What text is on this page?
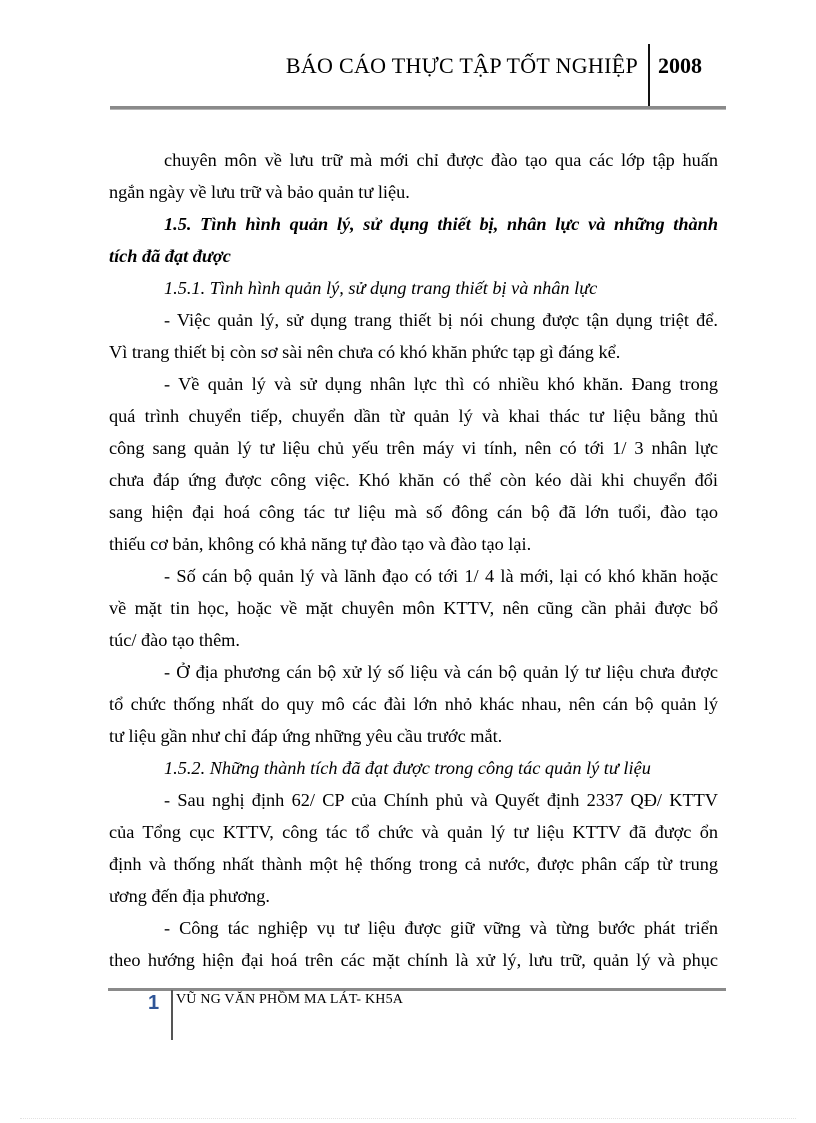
BÁO CÁO THỰC TẬP TỐT NGHIỆP 2008
chuyên môn về lưu trữ mà mới chỉ được đào tạo qua các lớp tập huấn
ngắn ngày về lưu trữ và bảo quản tư liệu.
1.5. Tình hình quản lý, sử dụng thiết bị, nhân lực và những thành
tích đã đạt được
1.5.1. Tình hình quản lý, sử dụng trang thiết bị và nhân lực
- Việc quản lý, sử dụng trang thiết bị nói chung được tận dụng triệt để.
Vì trang thiết bị còn sơ sài nên chưa có khó khăn phức tạp gì đáng kể.
- Về quản lý và sử dụng nhân lực thì có nhiều khó khăn. Đang trong
quá trình chuyển tiếp, chuyển dần từ quản lý và khai thác tư liệu bằng thủ
công sang quản lý tư liệu chủ yếu trên máy vi tính, nên có tới 1/ 3 nhân lực
chưa đáp ứng được công việc. Khó khăn có thể còn kéo dài khi chuyển đổi
sang hiện đại hoá công tác tư liệu mà số đông cán bộ đã lớn tuổi, đào tạo
thiếu cơ bản, không có khả năng tự đào tạo và đào tạo lại.
- Số cán bộ quản lý và lãnh đạo có tới 1/ 4 là mới, lại có khó khăn hoặc
về mặt tin học, hoặc về mặt chuyên môn KTTV, nên cũng cần phải được bổ
túc/ đào tạo thêm.
- Ở địa phương cán bộ xử lý số liệu và cán bộ quản lý tư liệu chưa được
tổ chức thống nhất do quy mô các đài lớn nhỏ khác nhau, nên cán bộ quản lý
tư liệu gần như chỉ đáp ứng những yêu cầu trước mắt.
1.5.2. Những thành tích đã đạt được trong công tác quản lý tư liệu
- Sau nghị định 62/ CP của Chính phủ và Quyết định 2337 QĐ/ KTTV
của Tổng cục KTTV, công tác tổ chức và quản lý tư liệu KTTV đã được ổn
định và thống nhất thành một hệ thống trong cả nước, được phân cấp từ trung
ương đến địa phương.
- Công tác nghiệp vụ tư liệu được giữ vững và từng bước phát triển
theo hướng hiện đại hoá trên các mặt chính là xử lý, lưu trữ, quản lý và phục
1 VŨ NG VĂN PHỒM MA LÁT- KH5A
